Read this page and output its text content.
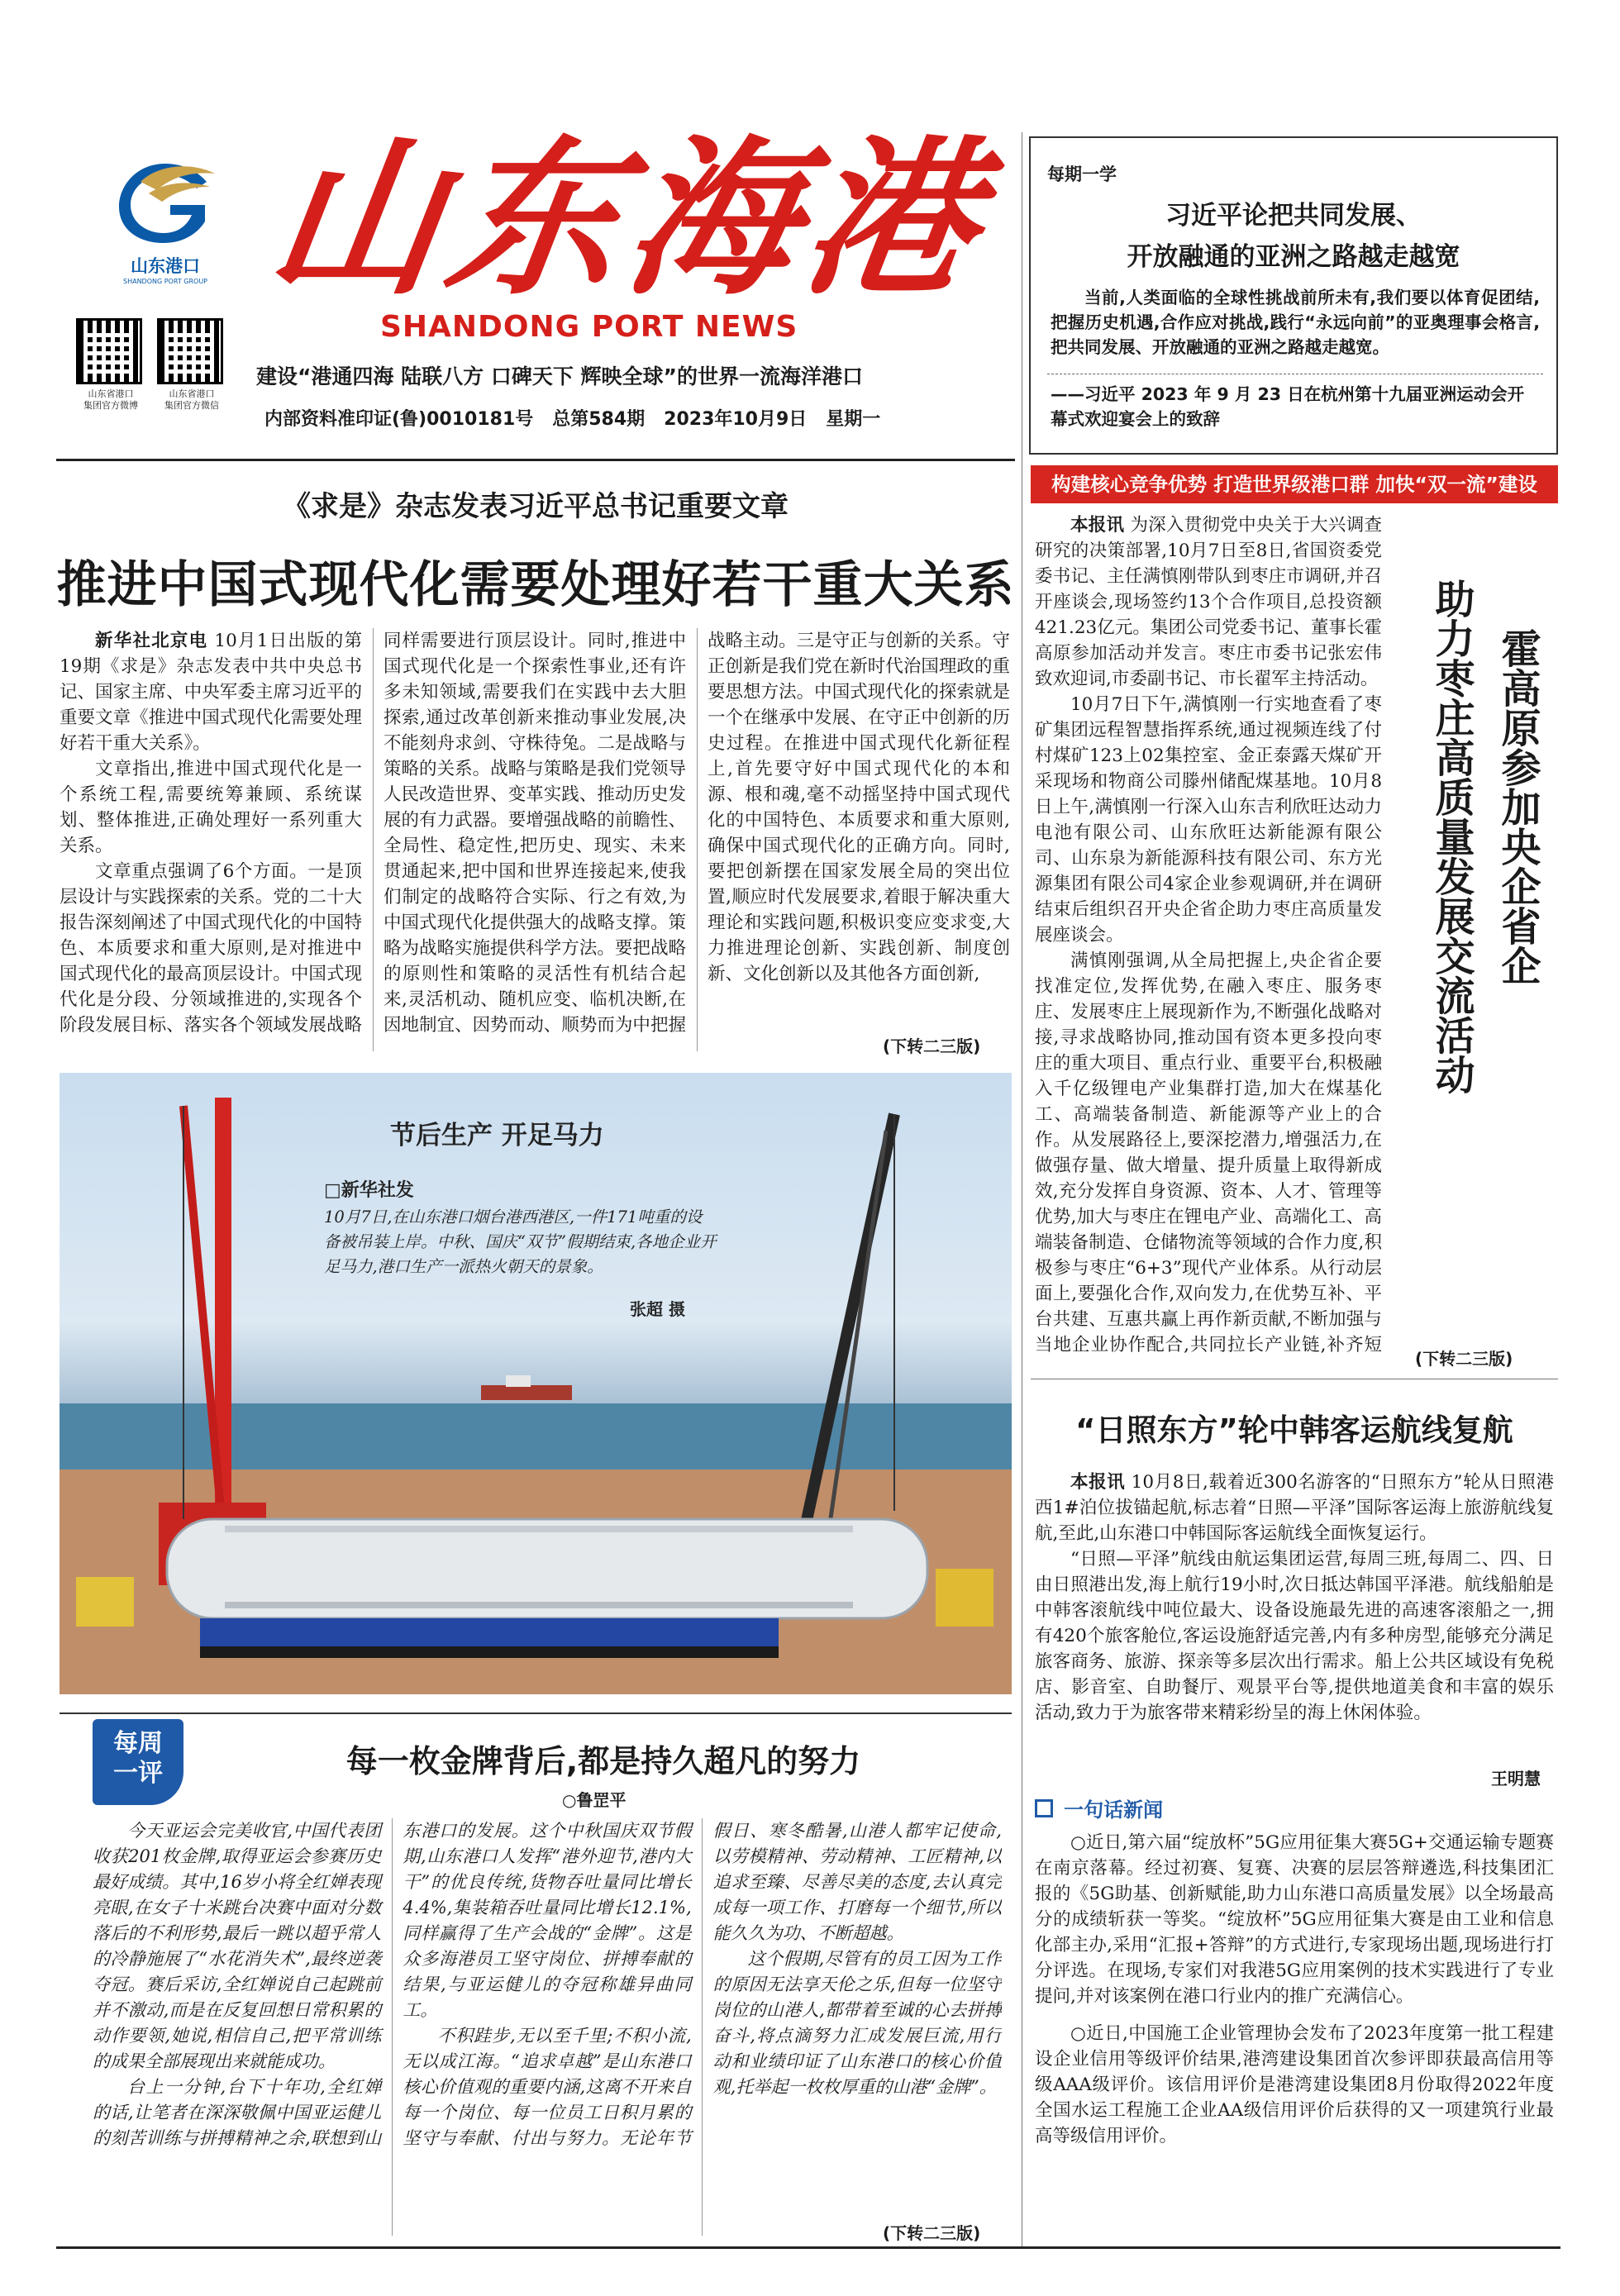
山东港口
SHANDONG PORT GROUP 山东海港
SHANDONG PORT NEWS
山东省港口
集团官方微博
山东省港口
集团官方微信
建设“港通四海 陆联八方 口碑天下 辉映全球”的世界一流海洋港口
内部资料准印证(鲁)0010181号   总第584期   2023年10月9日   星期一
每期一学
习近平论把共同发展、
开放融通的亚洲之路越走越宽

当前,人类面临的全球性挑战前所未有,我们要以体育促团结,把握历史机遇,合作应对挑战,践行“永远向前”的亚奥理事会格言,把共同发展、开放融通的亚洲之路越走越宽。

——习近平 2023 年 9 月 23 日在杭州第十九届亚洲运动会开幕式欢迎宴会上的致辞
《求是》杂志发表习近平总书记重要文章
推进中国式现代化需要处理好若干重大关系

新华社北京电 10月1日出版的第19期《求是》杂志发表中共中央总书记、国家主席、中央军委主席习近平的重要文章《推进中国式现代化需要处理好若干重大关系》。

文章指出,推进中国式现代化是一个系统工程,需要统筹兼顾、系统谋划、整体推进,正确处理好一系列重大关系。

文章重点强调了6个方面。一是顶层设计与实践探索的关系。党的二十大报告深刻阐述了中国式现代化的中国特色、本质要求和重大原则,是对推进中国式现代化的最高顶层设计。中国式现代化是分段、分领域推进的,实现各个阶段发展目标、落实各个领域发展战略同样需要进行顶层设计。同时,推进中国式现代化是一个探索性事业,还有许多未知领域,需要我们在实践中去大胆探索,通过改革创新来推动事业发展,决不能刻舟求剑、守株待兔。二是战略与策略的关系。战略与策略是我们党领导人民改造世界、变革实践、推动历史发展的有力武器。要增强战略的前瞻性、全局性、稳定性,把历史、现实、未来贯通起来,把中国和世界连接起来,使我们制定的战略符合实际、行之有效,为中国式现代化提供强大的战略支撑。策略为战略实施提供科学方法。要把战略的原则性和策略的灵活性有机结合起来,灵活机动、随机应变、临机决断,在因地制宜、因势而动、顺势而为中把握战略主动。三是守正与创新的关系。守正创新是我们党在新时代治国理政的重要思想方法。中国式现代化的探索就是一个在继承中发展、在守正中创新的历史过程。在推进中国式现代化新征程上,首先要守好中国式现代化的本和源、根和魂,毫不动摇坚持中国式现代化的中国特色、本质要求和重大原则,确保中国式现代化的正确方向。同时,要把创新摆在国家发展全局的突出位置,顺应时代发展要求,着眼于解决重大理论和实践问题,积极识变应变求变,大力推进理论创新、实践创新、制度创新、文化创新以及其他各方面创新,

(下转二三版)
节后生产 开足马力
□新华社发
10月7日,在山东港口烟台港西港区,一件171吨重的设备被吊装上岸。中秋、国庆“双节”假期结束,各地企业开足马力,港口生产一派热火朝天的景象。
张超 摄
构建核心竞争优势 打造世界级港口群 加快“双一流”建设

本报讯 为深入贯彻党中央关于大兴调查研究的决策部署,10月7日至8日,省国资委党委书记、主任满慎刚带队到枣庄市调研,并召开座谈会,现场签约13个合作项目,总投资额421.23亿元。集团公司党委书记、董事长霍高原参加活动并发言。枣庄市委书记张宏伟致欢迎词,市委副书记、市长翟军主持活动。

10月7日下午,满慎刚一行实地查看了枣矿集团远程智慧指挥系统,通过视频连线了付村煤矿123上02集控室、金正泰露天煤矿开采现场和物商公司滕州储配煤基地。10月8日上午,满慎刚一行深入山东吉利欣旺达动力电池有限公司、山东欣旺达新能源有限公司、山东泉为新能源科技有限公司、东方光源集团有限公司4家企业参观调研,并在调研结束后组织召开央企省企助力枣庄高质量发展座谈会。

满慎刚强调,从全局把握上,央企省企要找准定位,发挥优势,在融入枣庄、服务枣庄、发展枣庄上展现新作为,不断强化战略对接,寻求战略协同,推动国有资本更多投向枣庄的重大项目、重点行业、重要平台,积极融入千亿级锂电产业集群打造,加大在煤基化工、高端装备制造、新能源等产业上的合作。从发展路径上,要深挖潜力,增强活力,在做强存量、做大增量、提升质量上取得新成效,充分发挥自身资源、资本、人才、管理等优势,加大与枣庄在锂电产业、高端化工、高端装备制造、仓储物流等领域的合作力度,积极参与枣庄“6+3”现代产业体系。从行动层面上,要强化合作,双向发力,在优势互补、平台共建、互惠共赢上再作新贡献,不断加强与当地企业协作配合,共同拉长产业链,补齐短

霍高原参加央企省企
助力枣庄高质量发展交流活动
(下转二三版)
“日照东方”轮中韩客运航线复航

本报讯 10月8日,载着近300名游客的“日照东方”轮从日照港西1#泊位拔锚起航,标志着“日照—平泽”国际客运海上旅游航线复航,至此,山东港口中韩国际客运航线全面恢复运行。

“日照—平泽”航线由航运集团运营,每周三班,每周二、四、日由日照港出发,海上航行19小时,次日抵达韩国平泽港。航线船舶是中韩客滚航线中吨位最大、设备设施最先进的高速客滚船之一,拥有420个旅客舱位,客运设施舒适完善,内有多种房型,能够充分满足旅客商务、旅游、探亲等多层次出行需求。船上公共区域设有免税店、影音室、自助餐厅、观景平台等,提供地道美食和丰富的娱乐活动,致力于为旅客带来精彩纷呈的海上休闲体验。

王明慧
每周
一评	每一枚金牌背后,都是持久超凡的努力
○鲁罡平

今天亚运会完美收官,中国代表团收获201枚金牌,取得亚运会参赛历史最好成绩。其中,16岁小将全红婵表现亮眼,在女子十米跳台决赛中面对分数落后的不利形势,最后一跳以超乎常人的冷静施展了“水花消失术”,最终逆袭夺冠。赛后采访,全红婵说自己起跳前并不激动,而是在反复回想日常积累的动作要领,她说,相信自己,把平常训练的成果全部展现出来就能成功。

台上一分钟,台下十年功,全红婵的话,让笔者在深深敬佩中国亚运健儿的刻苦训练与拼搏精神之余,联想到山东港口的发展。这个中秋国庆双节假期,山东港口人发挥“港外迎节,港内大干”的优良传统,货物吞吐量同比增长4.4%,集装箱吞吐量同比增长12.1%,同样赢得了生产会战的“金牌”。这是众多海港员工坚守岗位、拼搏奉献的结果,与亚运健儿的夺冠称雄异曲同工。

不积跬步,无以至千里;不积小流,无以成江海。“追求卓越”是山东港口核心价值观的重要内涵,这离不开来自每一个岗位、每一位员工日积月累的坚守与奉献、付出与努力。无论年节假日、寒冬酷暑,山港人都牢记使命,以劳模精神、劳动精神、工匠精神,以追求至臻、尽善尽美的态度,去认真完成每一项工作、打磨每一个细节,所以能久久为功、不断超越。

这个假期,尽管有的员工因为工作的原因无法享天伦之乐,但每一位坚守岗位的山港人,都带着至诚的心去拼搏奋斗,将点滴努力汇成发展巨流,用行动和业绩印证了山东港口的核心价值观,托举起一枚枚厚重的山港“金牌”。

(下转二三版)
一句话新闻

○近日,第六届“绽放杯”5G应用征集大赛5G+交通运输专题赛在南京落幕。经过初赛、复赛、决赛的层层答辩遴选,科技集团汇报的《5G助基、创新赋能,助力山东港口高质量发展》以全场最高分的成绩斩获一等奖。“绽放杯”5G应用征集大赛是由工业和信息化部主办,采用“汇报+答辩”的方式进行,专家现场出题,现场进行打分评选。在现场,专家们对我港5G应用案例的技术实践进行了专业提问,并对该案例在港口行业内的推广充满信心。

○近日,中国施工企业管理协会发布了2023年度第一批工程建设企业信用等级评价结果,港湾建设集团首次参评即获最高信用等级AAA级评价。该信用评价是港湾建设集团8月份取得2022年度全国水运工程施工企业AA级信用评价后获得的又一项建筑行业最高等级信用评价。
